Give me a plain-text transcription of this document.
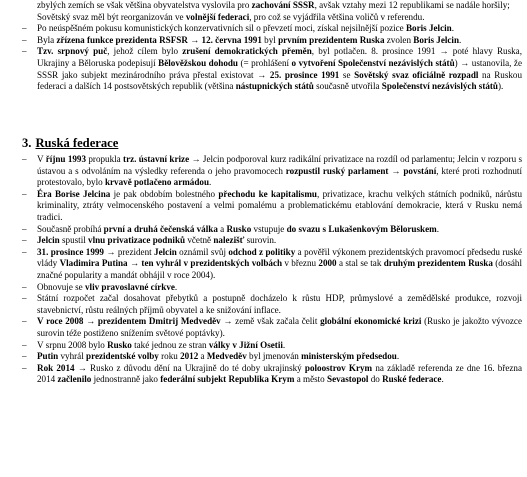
zbylých zemích se však většina obyvatelstva vyslovila pro zachování SSSR, avšak vztahy mezi 12 republikami se nadále horšily; Sovětský svaz měl být reorganizován ve volnější federaci, pro což se vyjádřila většina voličů v referendu.
– Po neúspěšném pokusu komunistických konzervativních sil o převzetí moci, získal nejsilnější pozice Boris Jelcin.
– Byla zřízena funkce prezidenta RSFSR → 12. června 1991 byl prvním prezidentem Ruska zvolen Boris Jelcin.
– Tzv. srpnový puč, jehož cílem bylo zrušení demokratických přeměn, byl potlačen. 8. prosince 1991 → poté hlavy Ruska, Ukrajiny a Běloruska podepisují Bělověžskou dohodu (= prohlášení o vytvoření Společenství nezávislých států) → ustanovila, že SSSR jako subjekt mezinárodního práva přestal existovat → 25. prosince 1991 se Sovětský svaz oficiálně rozpadl na Ruskou federaci a dalších 14 postsovětských republik (většina nástupnických států současně utvořila Společenství nezávislých států).
3. Ruská federace
– V říjnu 1993 propukla trz. ústavní krize → Jelcin podporoval kurz radikální privatizace na rozdíl od parlamentu; Jelcin v rozporu s ústavou a s odvoláním na výsledky referenda o jeho pravomocech rozpustil ruský parlament → povstání, které proti rozhodnutí protestovalo, bylo krvavě potlačeno armádou.
– Éra Borise Jelcina je pak obdobím bolestného přechodu ke kapitalismu, privatizace, krachu velkých státních podniků, nárůstu kriminality, ztráty velmocenského postavení a velmi pomalému a problematickému etablování demokracie, která v Rusku nemá tradici.
– Současně probíhá první a druhá čečenská válka a Rusko vstupuje do svazu s Lukašenkovým Běloruskem.
– Jelcin spustil vlnu privatizace podniků včetně nalezišť surovin.
– 31. prosince 1999 → prezident Jelcin oznámil svůj odchod z politiky a pověřil výkonem prezidentských pravomocí předsedu ruské vlády Vladimira Putina → ten vyhrál v prezidentských volbách v březnu 2000 a stal se tak druhým prezidentem Ruska (dosáhl značné popularity a mandát obhájil v roce 2004).
– Obnovuje se vliv pravoslavné církve.
– Státní rozpočet začal dosahovat přebytků a postupně docházelo k růstu HDP, průmyslové a zemědělské produkce, rozvoji stavebnictví, růstu reálných příjmů obyvatel a ke snižování inflace.
– V roce 2008 → prezidentem Dmitrij Medveděv → země však začala čelit globální ekonomické krizi (Rusko je jakožto vývozce surovin téže postiženo snížením světové poptávky).
– V srpnu 2008 bylo Rusko také jednou ze stran války v Jižní Osetii.
– Putin vyhrál prezidentské volby roku 2012 a Medveděv byl jmenován ministerským předsedou.
– Rok 2014 → Rusko z důvodu dění na Ukrajině do té doby ukrajinský poloostrov Krym na základě referenda ze dne 16. března 2014 začlenilo jednostranně jako federální subjekt Republika Krym a město Sevastopol do Ruské federace.
